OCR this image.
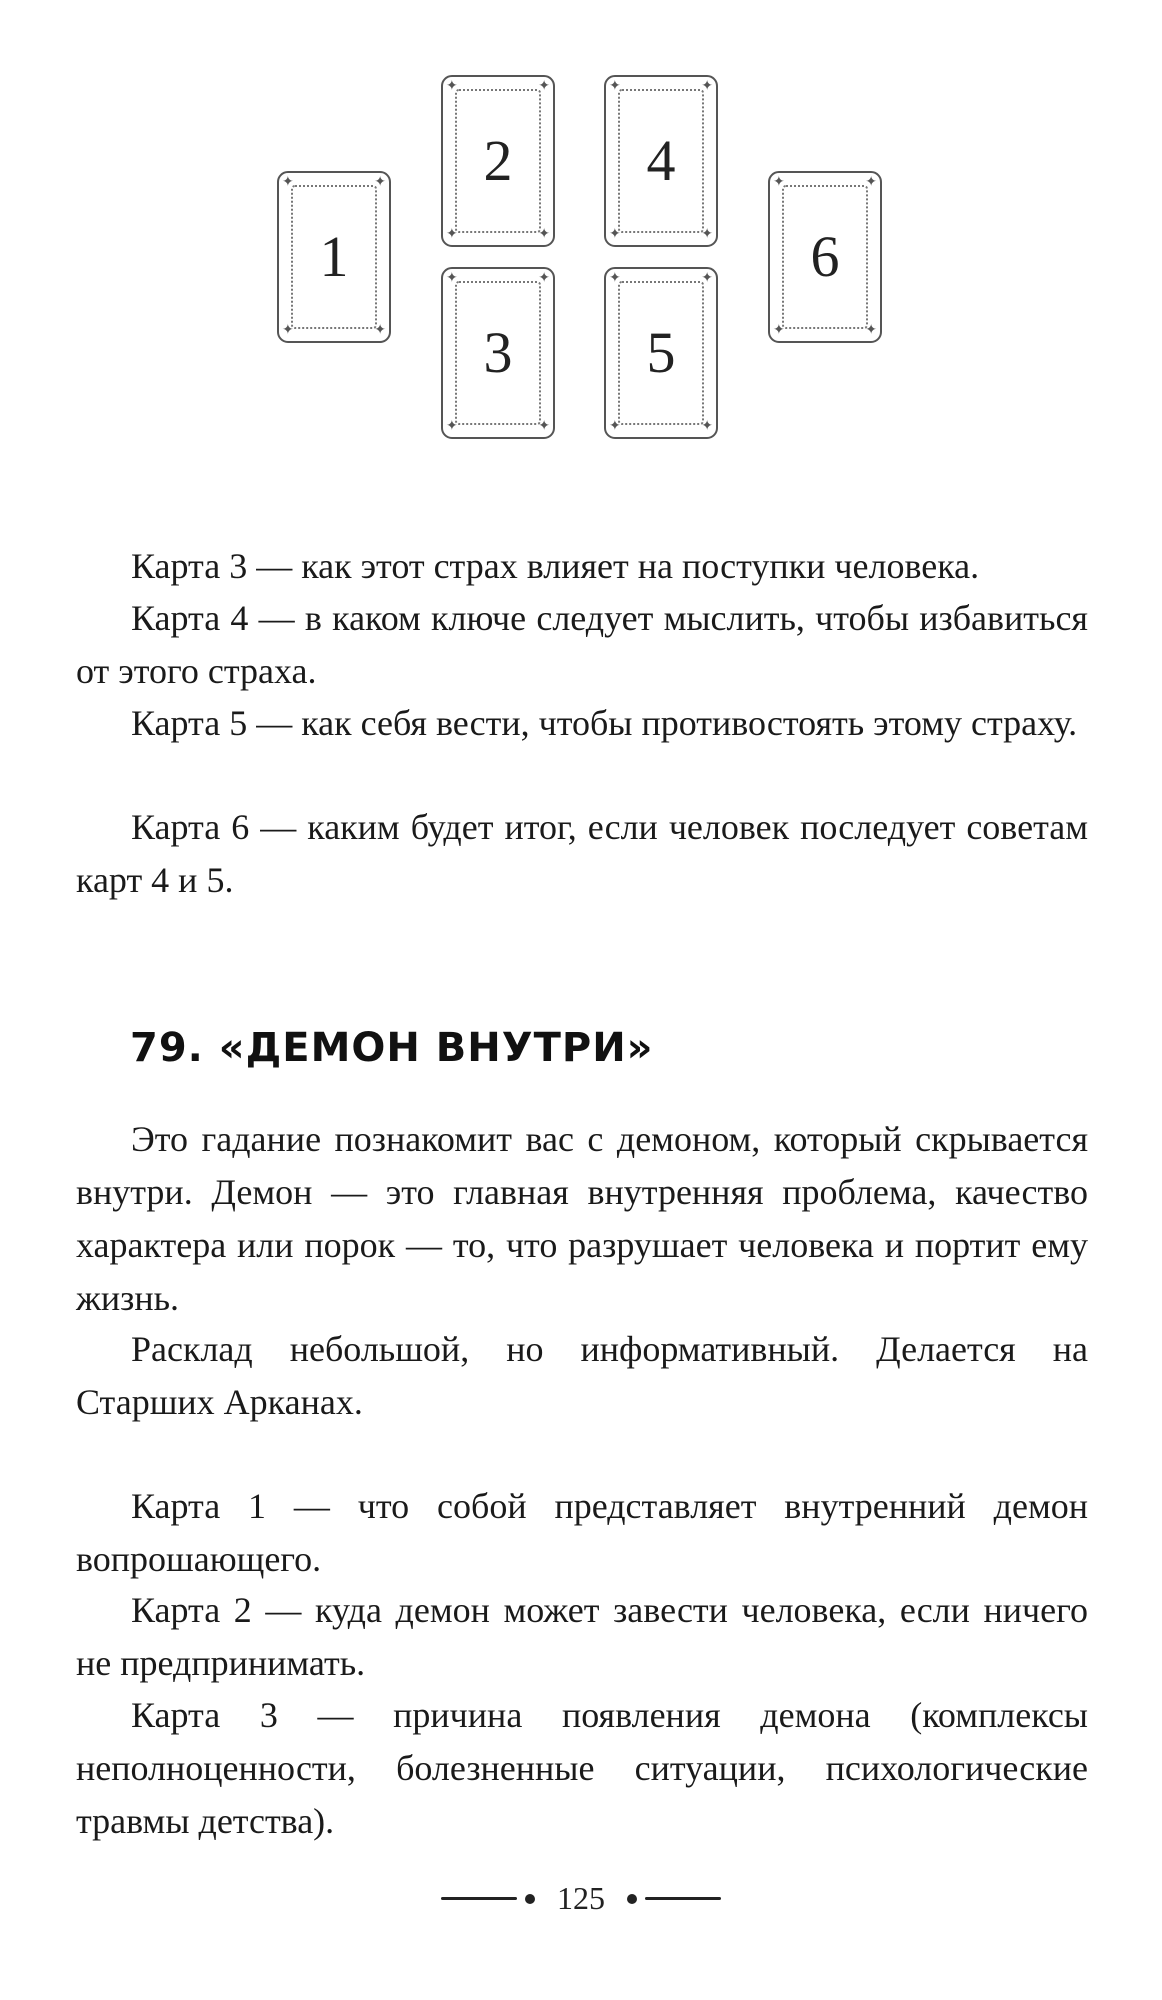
✦	✦
✦	✦
1
✦	✦
✦	✦
2
✦	✦
✦	✦
3
✦	✦
✦	✦
4
✦	✦
✦	✦
5
✦	✦
✦	✦
6

Карта 3 — как этот страх влияет на поступки человека.

Карта 4 — в каком ключе следует мыслить, чтобы избавиться от этого страха.

Карта 5 — как себя вести, чтобы противостоять этому страху.

Карта 6 — каким будет итог, если человек последует советам карт 4 и 5.

79. «ДЕМОН ВНУТРИ»

Это гадание познакомит вас с демоном, который скрывается внутри. Демон — это главная внутренняя проблема, качество характера или порок — то, что разрушает человека и портит ему жизнь.

Расклад небольшой, но информативный. Делается на Старших Арканах.

Карта 1 — что собой представляет внутренний демон вопрошающего.

Карта 2 — куда демон может завести человека, если ничего не предпринимать.

Карта 3 — причина появления демона (комплексы неполноценности, болезненные ситуации, психологические травмы детства).

125
